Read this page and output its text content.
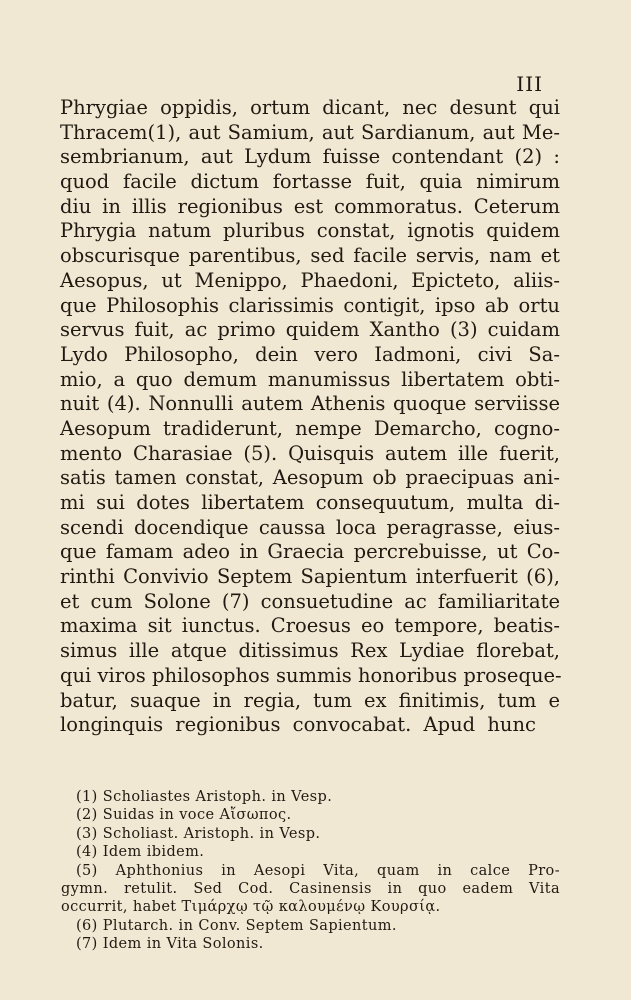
III
Phrygiae oppidis, ortum dicant, nec desunt qui
Thracem(1), aut Samium, aut Sardianum, aut Me-
sembrianum, aut Lydum fuisse contendant (2) :
quod facile dictum fortasse fuit, quia nimirum
diu in illis regionibus est commoratus. Ceterum
Phrygia natum pluribus constat, ignotis quidem
obscurisque parentibus, sed facile servis, nam et
Aesopus, ut Menippo, Phaedoni, Epicteto, aliis-
que Philosophis clarissimis contigit, ipso ab ortu
servus fuit, ac primo quidem Xantho (3) cuidam
Lydo Philosopho, dein vero Iadmoni, civi Sa-
mio, a quo demum manumissus libertatem obti-
nuit (4). Nonnulli autem Athenis quoque serviisse
Aesopum tradiderunt, nempe Demarcho, cogno-
mento Charasiae (5). Quisquis autem ille fuerit,
satis tamen constat, Aesopum ob praecipuas ani-
mi sui dotes libertatem consequutum, multa di-
scendi docendique caussa loca peragrasse, eius-
que famam adeo in Graecia percrebuisse, ut Co-
rinthi Convivio Septem Sapientum interfuerit (6),
et cum Solone (7) consuetudine ac familiaritate
maxima sit iunctus. Croesus eo tempore, beatis-
simus ille atque ditissimus Rex Lydiae florebat,
qui viros philosophos summis honoribus proseque-
batur, suaque in regia, tum ex finitimis, tum e
longinquis regionibus convocabat. Apud hunc
(1) Scholiastes Aristoph. in Vesp.
(2) Suidas in voce Αἴσωπος.
(3) Scholiast. Aristoph. in Vesp.
(4) Idem ibidem.
(5) Aphthonius in Aesopi Vita, quam in calce Pro-
gymn. retulit. Sed Cod. Casinensis in quo eadem Vita
occurrit, habet Τιμάρχῳ τῷ καλουμένῳ Κουρσίᾳ.
(6) Plutarch. in Conv. Septem Sapientum.
(7) Idem in Vita Solonis.
